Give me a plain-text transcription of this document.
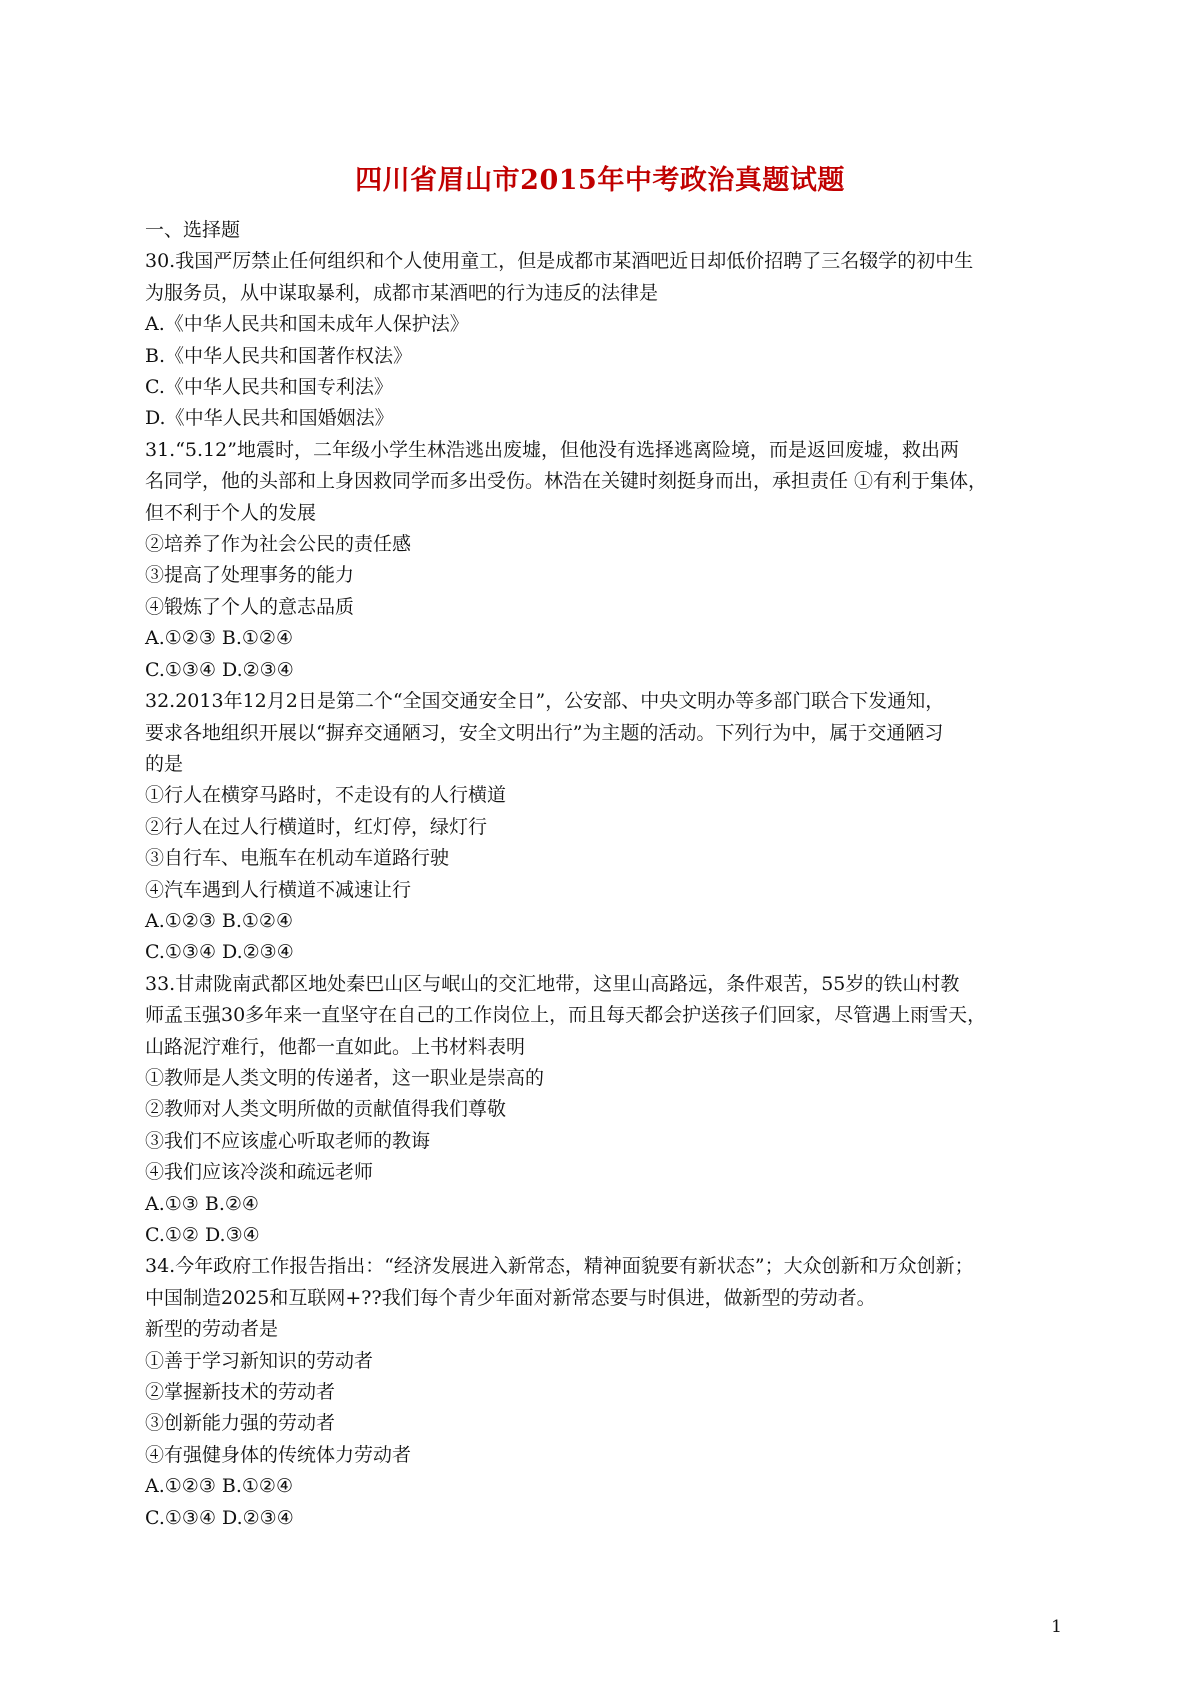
四川省眉山市2015年中考政治真题试题
一、选择题
30.我国严厉禁止任何组织和个人使用童工，但是成都市某酒吧近日却低价招聘了三名辍学的初中生
为服务员，从中谋取暴利，成都市某酒吧的行为违反的法律是
A.《中华人民共和国未成年人保护法》
B.《中华人民共和国著作权法》
C.《中华人民共和国专利法》
D.《中华人民共和国婚姻法》
31.“5.12”地震时，二年级小学生林浩逃出废墟，但他没有选择逃离险境，而是返回废墟，救出两
名同学，他的头部和上身因救同学而多出受伤。林浩在关键时刻挺身而出，承担责任 ①有利于集体，
但不利于个人的发展
②培养了作为社会公民的责任感
③提高了处理事务的能力
④锻炼了个人的意志品质
A.①②③ B.①②④
C.①③④ D.②③④
32.2013年12月2日是第二个“全国交通安全日”，公安部、中央文明办等多部门联合下发通知，
要求各地组织开展以“摒弃交通陋习，安全文明出行”为主题的活动。下列行为中，属于交通陋习
的是
①行人在横穿马路时，不走设有的人行横道
②行人在过人行横道时，红灯停，绿灯行
③自行车、电瓶车在机动车道路行驶
④汽车遇到人行横道不减速让行
A.①②③ B.①②④
C.①③④ D.②③④
33.甘肃陇南武都区地处秦巴山区与岷山的交汇地带，这里山高路远，条件艰苦，55岁的铁山村教
师孟玉强30多年来一直坚守在自己的工作岗位上，而且每天都会护送孩子们回家，尽管遇上雨雪天，
山路泥泞难行，他都一直如此。上书材料表明
①教师是人类文明的传递者，这一职业是崇高的
②教师对人类文明所做的贡献值得我们尊敬
③我们不应该虚心听取老师的教诲
④我们应该冷淡和疏远老师
A.①③ B.②④
C.①② D.③④
34.今年政府工作报告指出：“经济发展进入新常态，精神面貌要有新状态”；大众创新和万众创新；
中国制造2025和互联网+??我们每个青少年面对新常态要与时俱进，做新型的劳动者。
新型的劳动者是
①善于学习新知识的劳动者
②掌握新技术的劳动者
③创新能力强的劳动者
④有强健身体的传统体力劳动者
A.①②③ B.①②④
C.①③④ D.②③④
1
